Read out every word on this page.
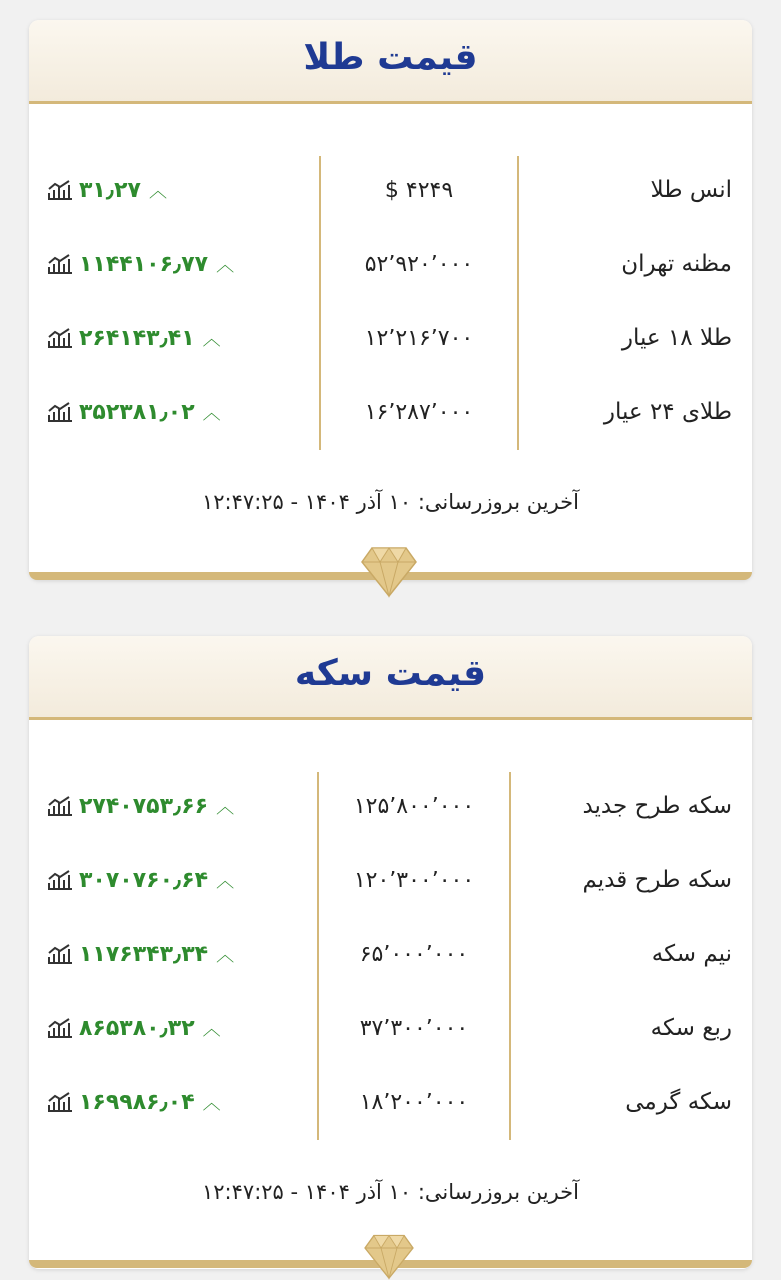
قیمت طلا
انس طلا
۴۲۴۹ $
۳۱٫۲۷ ︿
مظنه تهران
۵۲٬۹۲۰٬۰۰۰
۱۱۴۴۱۰۶٫۷۷ ︿
طلا ۱۸ عیار
۱۲٬۲۱۶٬۷۰۰
۲۶۴۱۴۳٫۴۱ ︿
طلای ۲۴ عیار
۱۶٬۲۸۷٬۰۰۰
۳۵۲۳۸۱٫۰۲ ︿
آخرین بروزرسانی: ۱۰ آذر ۱۴۰۴ - ۱۲:۴۷:۲۵
قیمت سکه
سکه طرح جدید
۱۲۵٬۸۰۰٬۰۰۰
۲۷۴۰۷۵۳٫۶۶ ︿
سکه طرح قدیم
۱۲۰٬۳۰۰٬۰۰۰
۳۰۷۰۷۶۰٫۶۴ ︿
نیم سکه
۶۵٬۰۰۰٬۰۰۰
۱۱۷۶۳۴۳٫۳۴ ︿
ربع سکه
۳۷٬۳۰۰٬۰۰۰
۸۶۵۳۸۰٫۳۲ ︿
سکه گرمی
۱۸٬۲۰۰٬۰۰۰
۱۶۹۹۸۶٫۰۴ ︿
آخرین بروزرسانی: ۱۰ آذر ۱۴۰۴ - ۱۲:۴۷:۲۵
